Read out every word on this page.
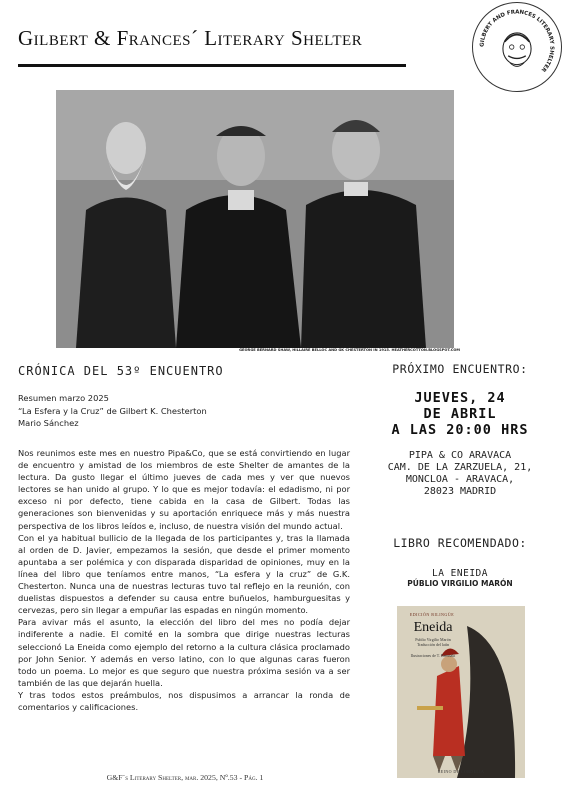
Gilbert & Frances´ Literary Shelter	GILBERT AND FRANCES LITERARY SHELTER
GEORGE BERNARD SHAW, HILLAIRE BELLOC AND GK CHESTERTON IN 1915. HEATHERCOTTON.BLOGSPOT.COM
CRÓNICA DEL 53º ENCUENTRO
Resumen marzo 2025
“La Esfera y la Cruz” de Gilbert K. Chesterton
Mario Sánchez

Nos reunimos este mes en nuestro Pipa&Co, que se está convirtiendo en lugar de encuentro y amistad de los miembros de este Shelter de amantes de la lectura. Da gusto llegar el último jueves de cada mes y ver que nuevos lectores se han unido al grupo. Y lo que es mejor todavía: el edadismo, ni por exceso ni por defecto, tiene cabida en la casa de Gilbert. Todas las generaciones son bienvenidas y su aportación enriquece más y más nuestra perspectiva de los libros leídos e, incluso, de nuestra visión del mundo actual.

Con el ya habitual bullicio de la llegada de los participantes y, tras la llamada al orden de D. Javier, empezamos la sesión, que desde el primer momento apuntaba a ser polémica y con disparada disparidad de opiniones, muy en la línea del libro que teníamos entre manos, “La esfera y la cruz” de G.K. Chesterton. Nunca una de nuestras lecturas tuvo tal reflejo en la reunión, con duelistas dispuestos a defender su causa entre buñuelos, hamburguesitas y cervezas, pero sin llegar a empuñar las espadas en ningún momento.

Para avivar más el asunto, la elección del libro del mes no podía dejar indiferente a nadie. El comité en la sombra que dirige nuestras lecturas seleccionó La Eneida como ejemplo del retorno a la cultura clásica proclamado por John Senior. Y además en verso latino, con lo que algunas caras fueron todo un poema. Lo mejor es que seguro que nuestra próxima sesión va a ser también de las que dejarán huella.

Y tras todos estos preámbulos, nos dispusimos a arrancar la ronda de comentarios y calificaciones.

PRÓXIMO ENCUENTRO:
JUEVES, 24
DE ABRIL
A LAS 20:00 HRS
PIPA & CO ARAVACA
CAM. DE LA ZARZUELA, 21,
MONCLOA - ARAVACA,
28023 MADRID
LIBRO RECOMENDADO:
LA ENEIDA
PÚBLIO VIRGILIO MARÓN
EDICIÓN BILINGÜE
Eneida
Publio Virgilio Marón
Traducción del latín
Ilustraciones de T. Bemnaki
REINO DE CORDELIA
G&F´s Literary Shelter, mar. 2025, Nº.53 - Pág. 1
